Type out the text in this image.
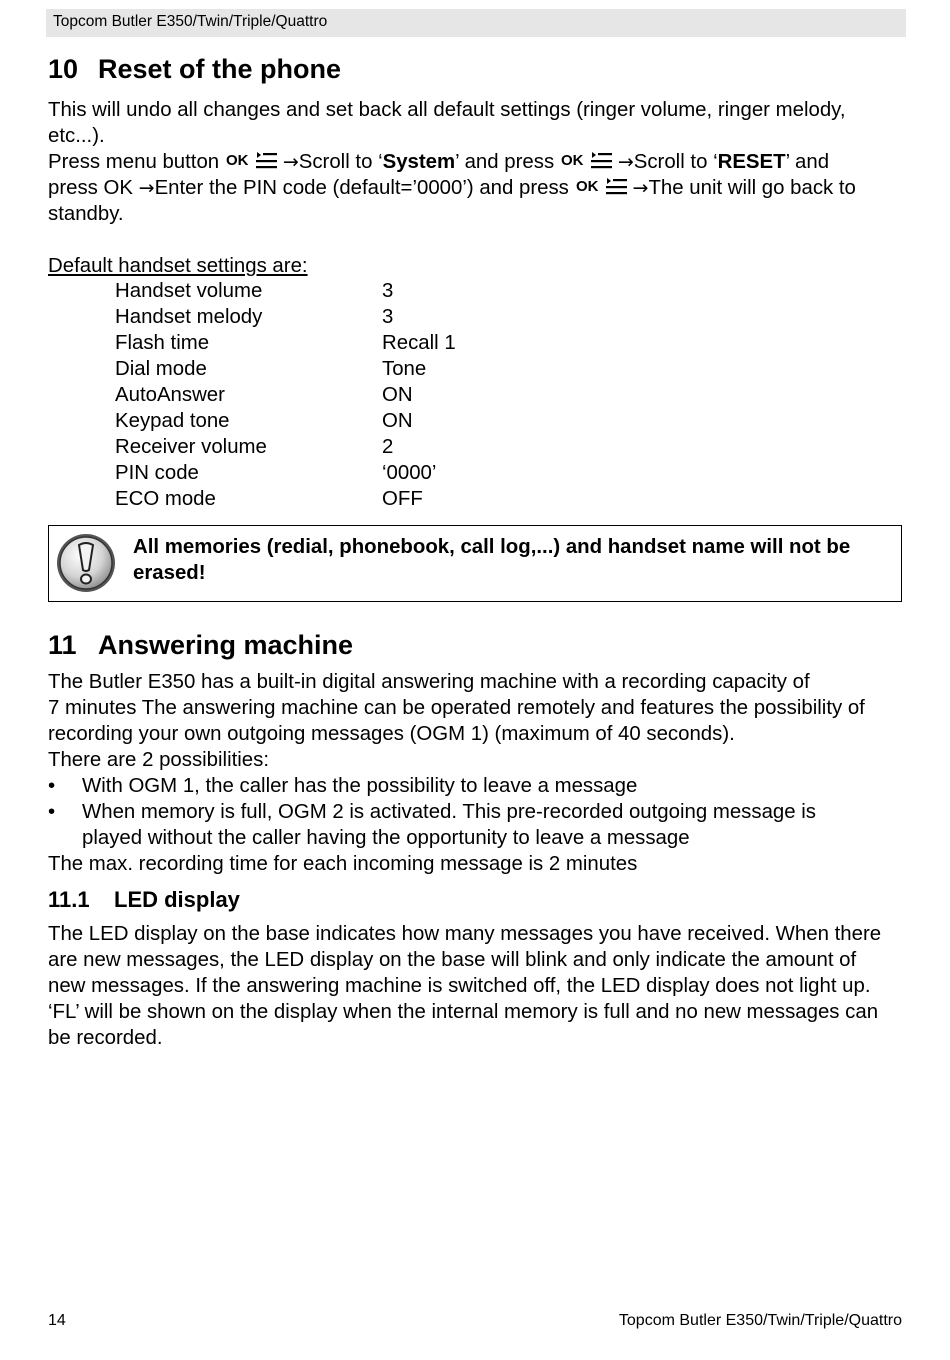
Topcom Butler E350/Twin/Triple/Quattro
10 Reset of the phone
This will undo all changes and set back all default settings (ringer volume, ringer melody,
etc...).
Press menu button OK →Scroll to ‘System’ and press OK →Scroll to ‘RESET’ and
press OK →Enter the PIN code (default=’0000’) and press OK →The unit will go back to
standby.
Default handset settings are:
Handset volume	3
Handset melody	3
Flash time	Recall 1
Dial mode	Tone
AutoAnswer	ON
Keypad tone	ON
Receiver volume	2
PIN code	‘0000’
ECO mode	OFF
All memories (redial, phonebook, call log,...) and handset name will not be
erased!
11 Answering machine
The Butler E350 has a built-in digital answering machine with a recording capacity of
7 minutes The answering machine can be operated remotely and features the possibility of
recording your own outgoing messages (OGM 1) (maximum of 40 seconds).
There are 2 possibilities:
• With OGM 1, the caller has the possibility to leave a message
• When memory is full, OGM 2 is activated. This pre-recorded outgoing message is
played without the caller having the opportunity to leave a message
The max. recording time for each incoming message is 2 minutes
11.1 LED display
The LED display on the base indicates how many messages you have received. When there
are new messages, the LED display on the base will blink and only indicate the amount of
new messages. If the answering machine is switched off, the LED display does not light up.
‘FL’ will be shown on the display when the internal memory is full and no new messages can
be recorded.
14	Topcom Butler E350/Twin/Triple/Quattro
